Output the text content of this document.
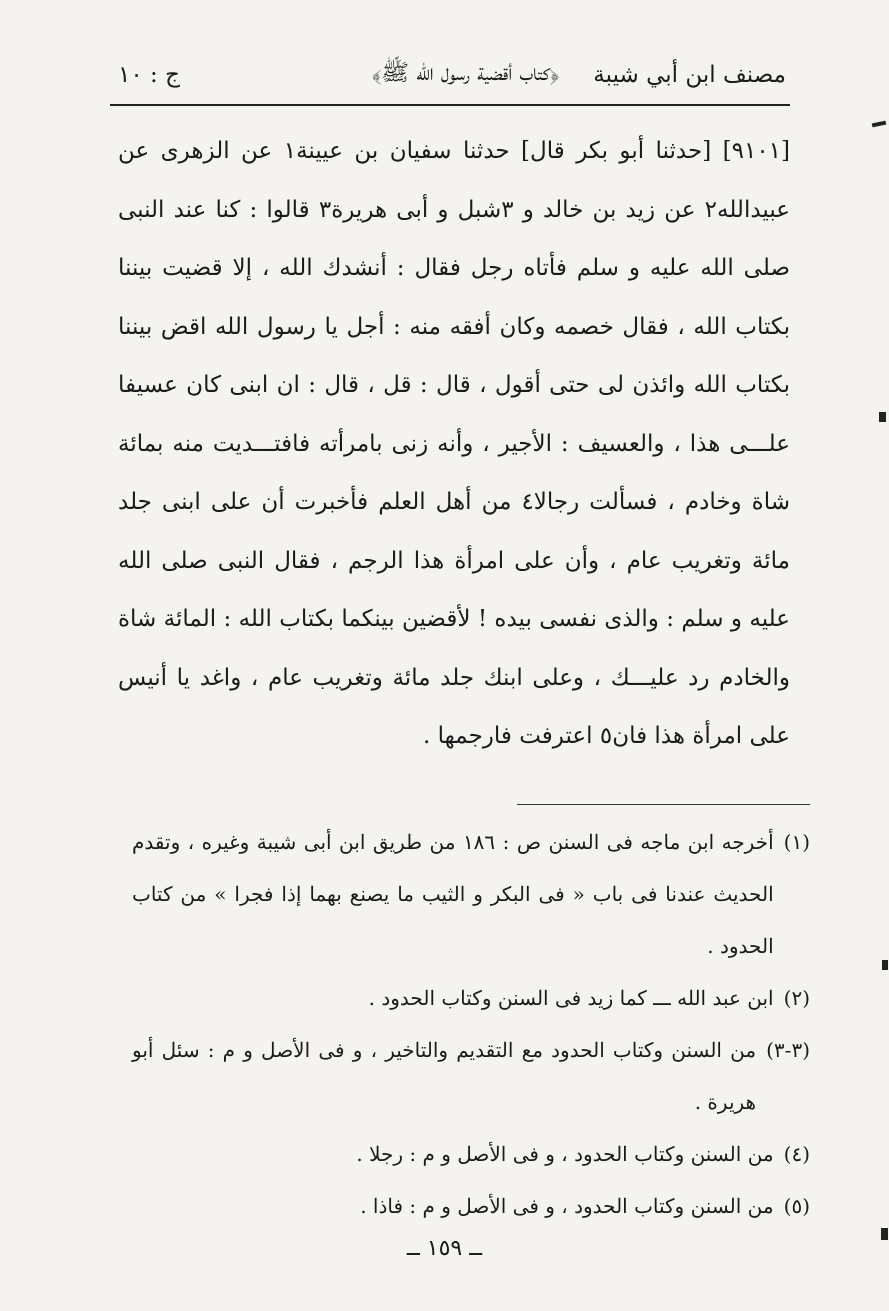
مصنف ابن أبي شيبة
﴿كتاب أقضية رسول الله ﷺ﴾
ج : ١٠

[٩١٠١] [حدثنا أبو بكر قال] حدثنا سفيان بن عيينة١ عن الزهرى عن عبيدالله٢ عن زيد بن خالد و ٣شبل و أبى هريرة٣ قالوا : كنا عند النبى صلى الله عليه و سلم فأتاه رجل فقال : أنشدك الله ، إلا قضيت بيننا بكتاب الله ، فقال خصمه وكان أفقه منه : أجل يا رسول الله اقض بيننا بكتاب الله وائذن لى حتى أقول ، قال : قل ، قال : ان ابنى كان عسيفا علـــى هذا ، والعسيف : الأجير ، وأنه زنى بامرأته فافتـــديت منه بمائة شاة وخادم ، فسألت رجالا٤ من أهل العلم فأخبرت أن على ابنى جلد مائة وتغريب عام ، وأن على امرأة هذا الرجم ، فقال النبى صلى الله عليه و سلم : والذى نفسى بيده ! لأقضين بينكما بكتاب الله : المائة شاة والخادم رد عليـــك ، وعلى ابنك جلد مائة وتغريب عام ، واغد يا أنيس على امرأة هذا فان٥ اعترفت فارجمها .

(١)
أخرجه ابن ماجه فى السنن ص : ١٨٦ من طريق ابن أبى شيبة وغيره ، وتقدم الحديث عندنا فى باب « فى البكر و الثيب ما يصنع بهما إذا فجرا » من كتاب الحدود .
(٢)
ابن عبد الله ـــ كما زيد فى السنن وكتاب الحدود .
(٣-٣)
من السنن وكتاب الحدود مع التقديم والتاخير ، و فى الأصل و م : سئل أبو هريرة .
(٤)
من السنن وكتاب الحدود ، و فى الأصل و م : رجلا .
(٥)
من السنن وكتاب الحدود ، و فى الأصل و م : فاذا .
ــ ١٥٩ ــ
